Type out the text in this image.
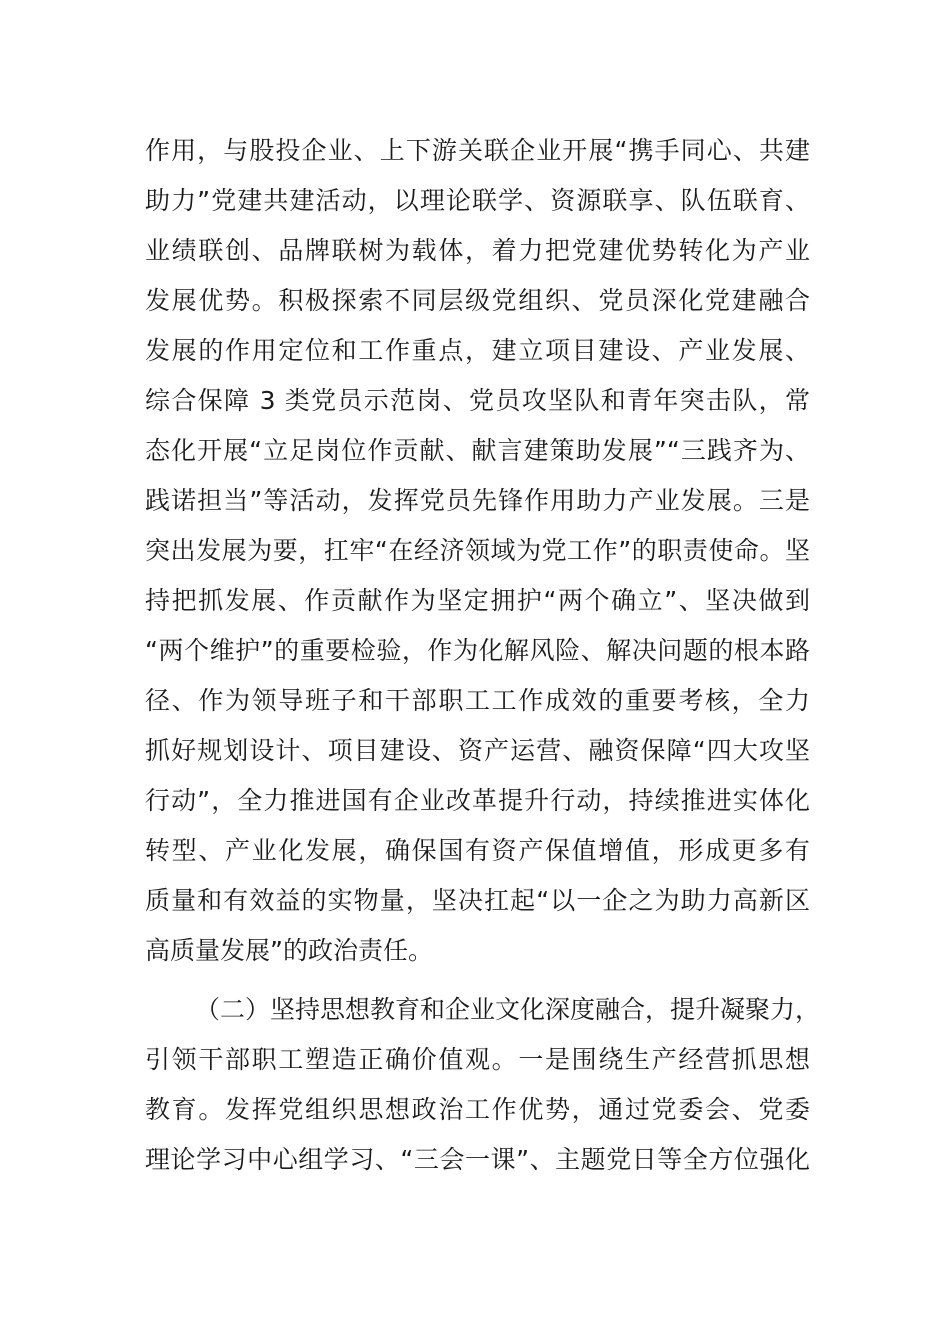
作用，与股投企业、上下游关联企业开展“携手同心、共建
助力”党建共建活动，以理论联学、资源联享、队伍联育、
业绩联创、品牌联树为载体，着力把党建优势转化为产业
发展优势。积极探索不同层级党组织、党员深化党建融合
发展的作用定位和工作重点，建立项目建设、产业发展、
综合保障 3 类党员示范岗、党员攻坚队和青年突击队，常
态化开展“立足岗位作贡献、献言建策助发展”“三践齐为、
践诺担当”等活动，发挥党员先锋作用助力产业发展。三是
突出发展为要，扛牢“在经济领域为党工作”的职责使命。坚
持把抓发展、作贡献作为坚定拥护“两个确立”、坚决做到
“两个维护”的重要检验，作为化解风险、解决问题的根本路
径、作为领导班子和干部职工工作成效的重要考核，全力
抓好规划设计、项目建设、资产运营、融资保障“四大攻坚
行动”，全力推进国有企业改革提升行动，持续推进实体化
转型、产业化发展，确保国有资产保值增值，形成更多有
质量和有效益的实物量，坚决扛起“以一企之为助力高新区
高质量发展”的政治责任。
（二）坚持思想教育和企业文化深度融合，提升凝聚力，
引领干部职工塑造正确价值观。一是围绕生产经营抓思想
教育。发挥党组织思想政治工作优势，通过党委会、党委
理论学习中心组学习、“三会一课”、主题党日等全方位强化
